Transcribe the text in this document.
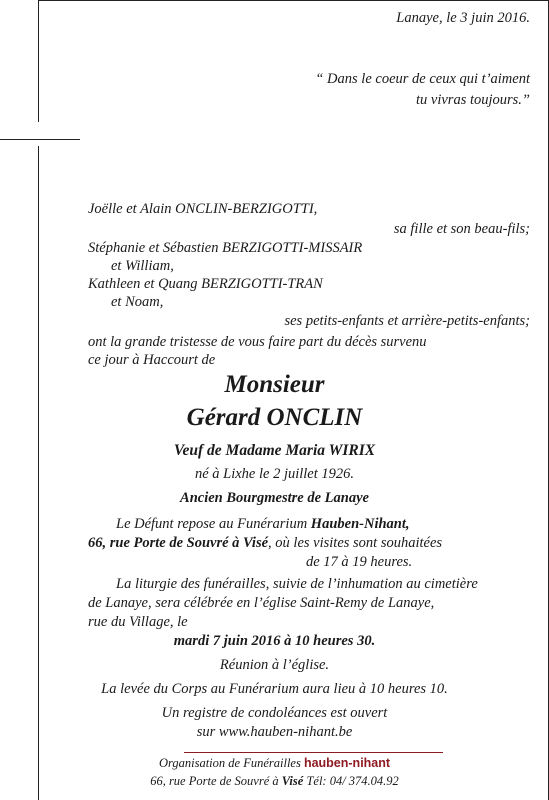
Lanaye, le 3 juin 2016.
“ Dans le coeur de ceux qui t’aiment
tu vivras toujours.”
Joëlle et Alain ONCLIN-BERZIGOTTI,
sa fille et son beau-fils;
Stéphanie et Sébastien BERZIGOTTI-MISSAIR
et William,
Kathleen et Quang BERZIGOTTI-TRAN
et Noam,
ses petits-enfants et arrière-petits-enfants;
ont la grande tristesse de vous faire part du décès survenu
ce jour à Haccourt de
Monsieur
Gérard ONCLIN
Veuf de Madame Maria WIRIX
né à Lixhe le 2 juillet 1926.
Ancien Bourgmestre de Lanaye
Le Défunt repose au Funérarium Hauben-Nihant,
66, rue Porte de Souvré à Visé, où les visites sont souhaitées
de 17 à 19 heures.
La liturgie des funérailles, suivie de l’inhumation au cimetière
de Lanaye, sera célébrée en l’église Saint-Remy de Lanaye,
rue du Village, le
mardi 7 juin 2016 à 10 heures 30.
Réunion à l’église.
La levée du Corps au Funérarium aura lieu à 10 heures 10.
Un registre de condoléances est ouvert
sur www.hauben-nihant.be
Organisation de Funérailles hauben-nihant
66, rue Porte de Souvré à Visé Tél: 04/ 374.04.92
